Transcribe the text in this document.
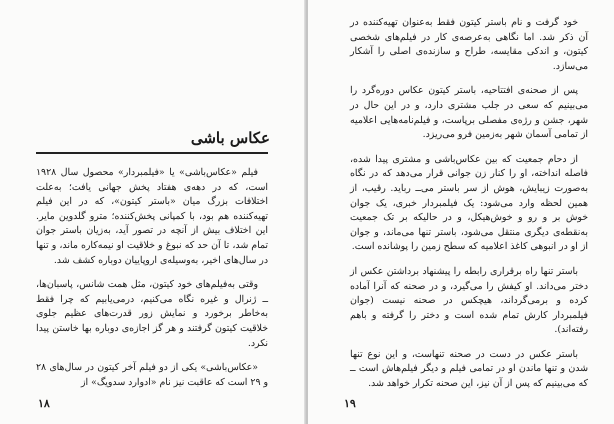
عکاس باشی

فیلم «عکاس‌باشی» یا «فیلمبردار» محصول سال ۱۹۲۸ است، که در دهه‌ی هفتاد پخش جهانی یافت؛ به‌علت اختلافات بزرگ میان «باستر کیتون»، که در این فیلم تهیه‌کننده هم بود، با کمپانی پخش‌کننده؛ مترو گلدوین مایر. این اختلاف بیش از آنچه در تصور آید، به‌زیان باستر جوان تمام شد، تا آن حد که نبوغ و خلاقیت او نیمه‌کاره ماند، و تنها در سال‌های اخیر، به‌وسیله‌ی اروپاییان دوباره کشف شد.

وقتی به‌فیلم‌های خود کیتون، مثل همت شانس، پاسبان‌ها، ــ ژنرال و غیره نگاه می‌کنیم، درمی‌یابیم که چرا فقط به‌خاطر برخورد و نمایش زور قدرت‌های عظیم جلوی خلاقیت کیتون گرفتند و هر گز اجازه‌ی دوباره بها خاستن پیدا نکرد.

«عکاس‌باشی» یکی از دو فیلم آخر کیتون در سال‌های ۲۸ و ۲۹ است که عاقبت نیز نام «ادوارد سدویگ» از

۱۸

خود گرفت و نام باستر کیتون فقط به‌عنوان تهیه‌کننده در آن ذکر شد. اما نگاهی به‌عرصه‌ی کار در فیلم‌های شخصی کیتون، و اندکی مقایسه، طراح و سازنده‌ی اصلی را آشکار می‌سازد.

پس از صحنه‌ی افتتاحیه، باستر کیتون عکاس دوره‌گرد را می‌بینیم که سعی در جلب مشتری دارد، و در این حال در شهر، جشن و رژه‌ی مفصلی برپاست، و فیلم‌نامه‌هایی اعلامیه از تمامی آسمان شهر به‌زمین فرو می‌ریزد.

از دحام جمعیت که بین عکاس‌باشی و مشتری پیدا شده، فاصله انداخته، او را کنار زن جوانی قرار می‌دهد که در نگاه به‌صورت زیبایش، هوش از سر باستر می‌ــ رباید. رقیب، از همین لحظه وارد می‌شود: یک فیلمبردار خبری، یک جوان خوش بر و رو و خوش‌هیکل، و در حالیکه بر تک جمعیت به‌نقطه‌ی دیگری منتقل می‌شود، باستر تنها می‌ماند، و جوان از او در انبوهی کاغذ اعلامیه که سطح زمین را پوشانده است.

باستر تنها راه برقراری رابطه را پیشنهاد برداشتن عکس از دختر می‌داند. او کیفش را می‌گیرد، و در صحنه که آنرا آماده کرده و برمی‌گرداند، هیچکس در صحنه نیست (جوان فیلمبردار کارش تمام شده است و دختر را گرفته و باهم رفته‌اند).

باستر عکس در دست در صحنه تنهاست، و این نوع تنها شدن و تنها ماندن او در تمامی فیلم و دیگر فیلم‌ها‌ش است ــ که می‌بینیم که پس از آن نیز، این صحنه تکرار خواهد شد.

۱۹
